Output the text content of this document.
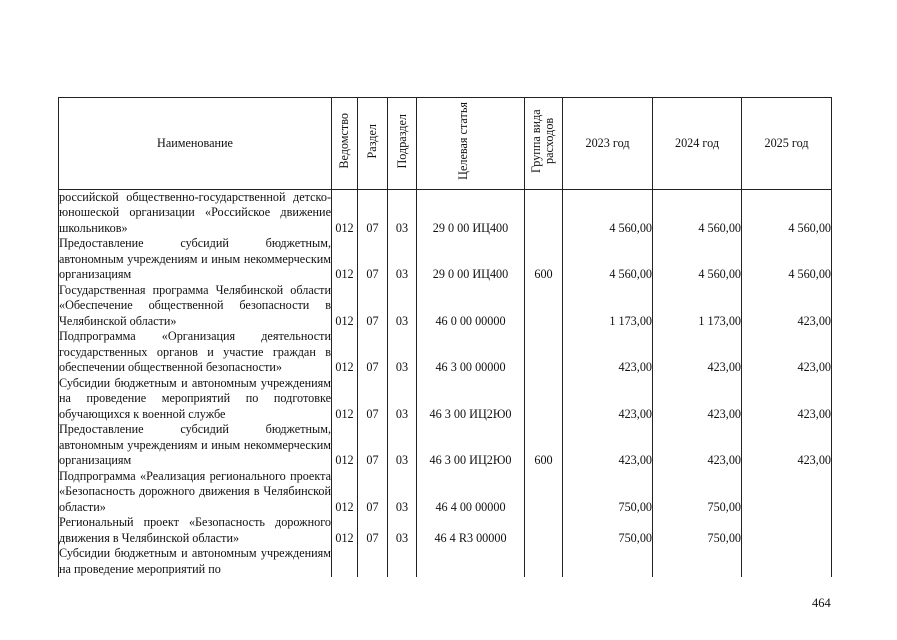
Наименование	Ведомство	Раздел	Подраздел	Целевая статья	Группа вида расходов	2023 год	2024 год	2025 год
российской общественно-государственной детско-юношеской организации «Российское движение школьников»	012	07	03	29 0 00 ИЦ400		4 560,00	4 560,00	4 560,00
Предоставление субсидий бюджетным, автономным учреждениям и иным некоммерческим организациям	012	07	03	29 0 00 ИЦ400	600	4 560,00	4 560,00	4 560,00
Государственная программа Челябинской области «Обеспечение общественной безопасности в Челябинской области»	012	07	03	46 0 00 00000		1 173,00	1 173,00	423,00
Подпрограмма «Организация деятельности государственных органов и участие граждан в обеспечении общественной безопасности»	012	07	03	46 3 00 00000		423,00	423,00	423,00
Субсидии бюджетным и автономным учреждениям на проведение мероприятий по подготовке обучающихся к военной службе	012	07	03	46 3 00 ИЦ2Ю0		423,00	423,00	423,00
Предоставление субсидий бюджетным, автономным учреждениям и иным некоммерческим организациям	012	07	03	46 3 00 ИЦ2Ю0	600	423,00	423,00	423,00
Подпрограмма «Реализация регионального проекта «Безопасность дорожного движения в Челябинской области»	012	07	03	46 4 00 00000		750,00	750,00	
Региональный проект «Безопасность дорожного движения в Челябинской области»	012	07	03	46 4 R3 00000		750,00	750,00	
Субсидии бюджетным и автономным учреждениям на проведение мероприятий по								
464
